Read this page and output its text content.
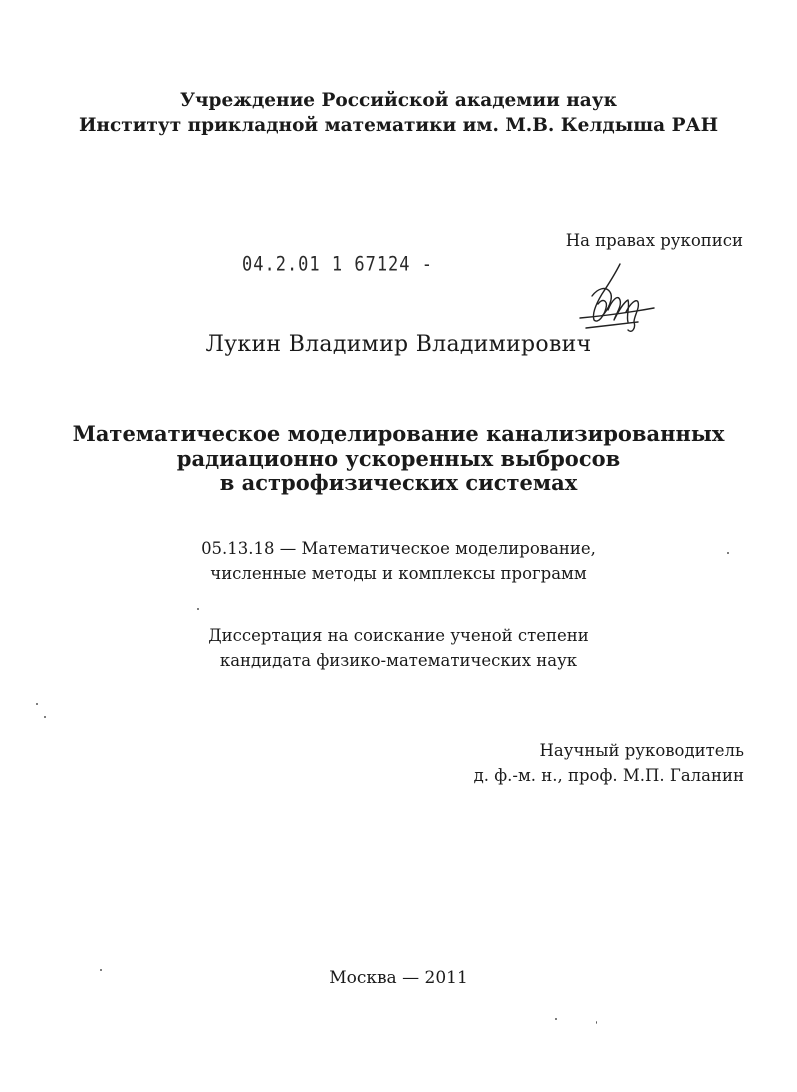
Учреждение Российской академии наук
Институт прикладной математики им. М.В. Келдыша РАН
На правах рукописи
04.2.01 1 67124 -
Лукин Владимир Владимирович
Математическое моделирование канализированных
радиационно ускоренных выбросов
в астрофизических системах
05.13.18 — Математическое моделирование,
численные методы и комплексы программ
Диссертация на соискание ученой степени
кандидата физико-математических наук
Научный руководитель
д. ф.-м. н., проф. М.П. Галанин
Москва — 2011
